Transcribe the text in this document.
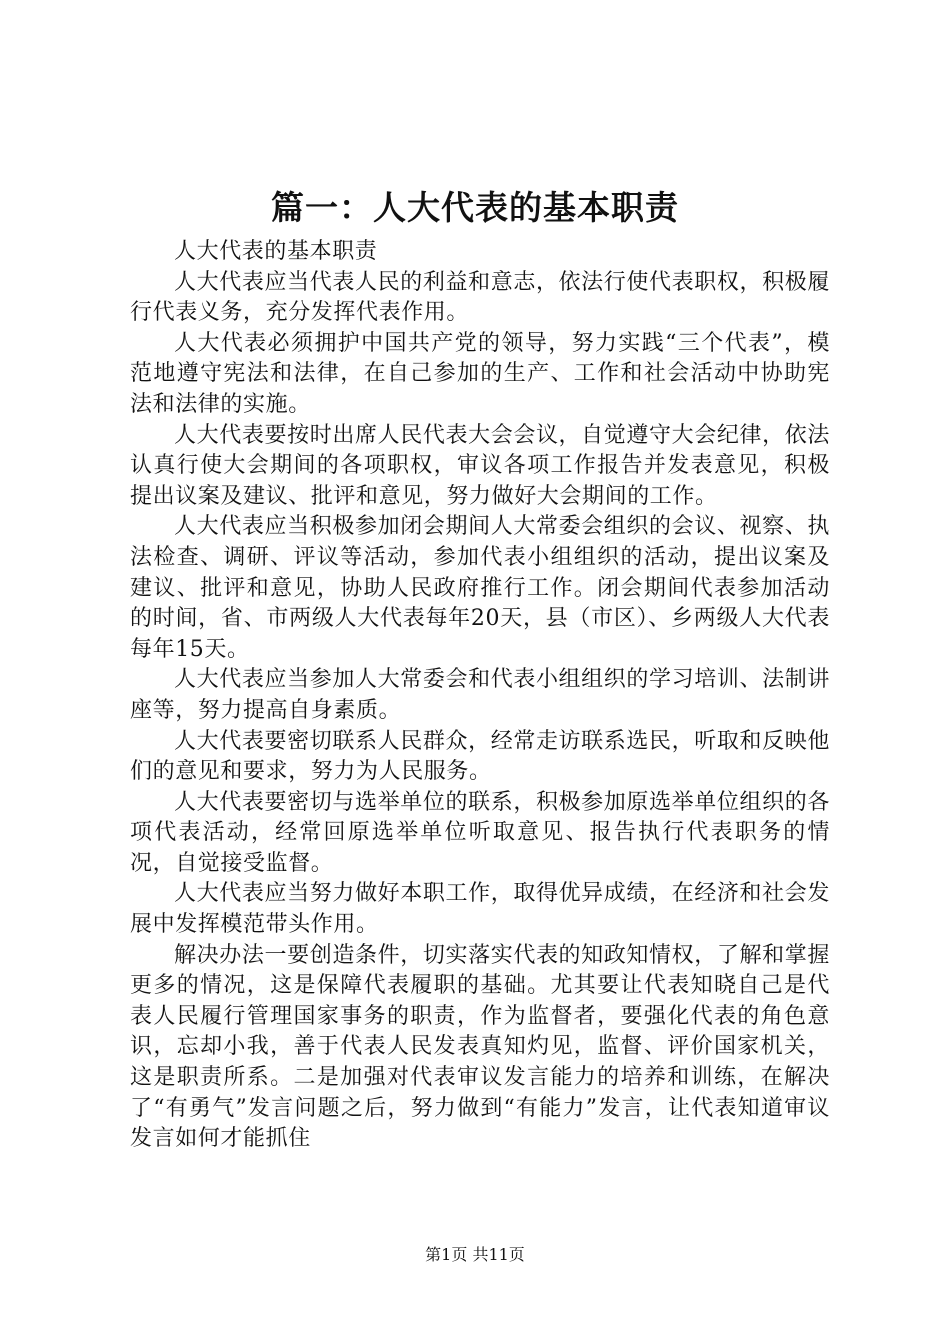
篇一：人大代表的基本职责

人大代表的基本职责

人大代表应当代表人民的利益和意志，依法行使代表职权，积极履行代表义务，充分发挥代表作用。

人大代表必须拥护中国共产党的领导，努力实践“三个代表”，模范地遵守宪法和法律，在自己参加的生产、工作和社会活动中协助宪法和法律的实施。

人大代表要按时出席人民代表大会会议，自觉遵守大会纪律，依法认真行使大会期间的各项职权，审议各项工作报告并发表意见，积极提出议案及建议、批评和意见，努力做好大会期间的工作。

人大代表应当积极参加闭会期间人大常委会组织的会议、视察、执法检查、调研、评议等活动，参加代表小组组织的活动，提出议案及建议、批评和意见，协助人民政府推行工作。闭会期间代表参加活动的时间，省、市两级人大代表每年20天，县（市区）、乡两级人大代表每年15天。

人大代表应当参加人大常委会和代表小组组织的学习培训、法制讲座等，努力提高自身素质。

人大代表要密切联系人民群众，经常走访联系选民，听取和反映他们的意见和要求，努力为人民服务。

人大代表要密切与选举单位的联系，积极参加原选举单位组织的各项代表活动，经常回原选举单位听取意见、报告执行代表职务的情况，自觉接受监督。

人大代表应当努力做好本职工作，取得优异成绩，在经济和社会发展中发挥模范带头作用。

解决办法一要创造条件，切实落实代表的知政知情权，了解和掌握更多的情况，这是保障代表履职的基础。尤其要让代表知晓自己是代表人民履行管理国家事务的职责，作为监督者，要强化代表的角色意识，忘却小我，善于代表人民发表真知灼见，监督、评价国家机关，这是职责所系。二是加强对代表审议发言能力的培养和训练，在解决了“有勇气”发言问题之后，努力做到“有能力”发言，让代表知道审议发言如何才能抓住

第1页 共11页
